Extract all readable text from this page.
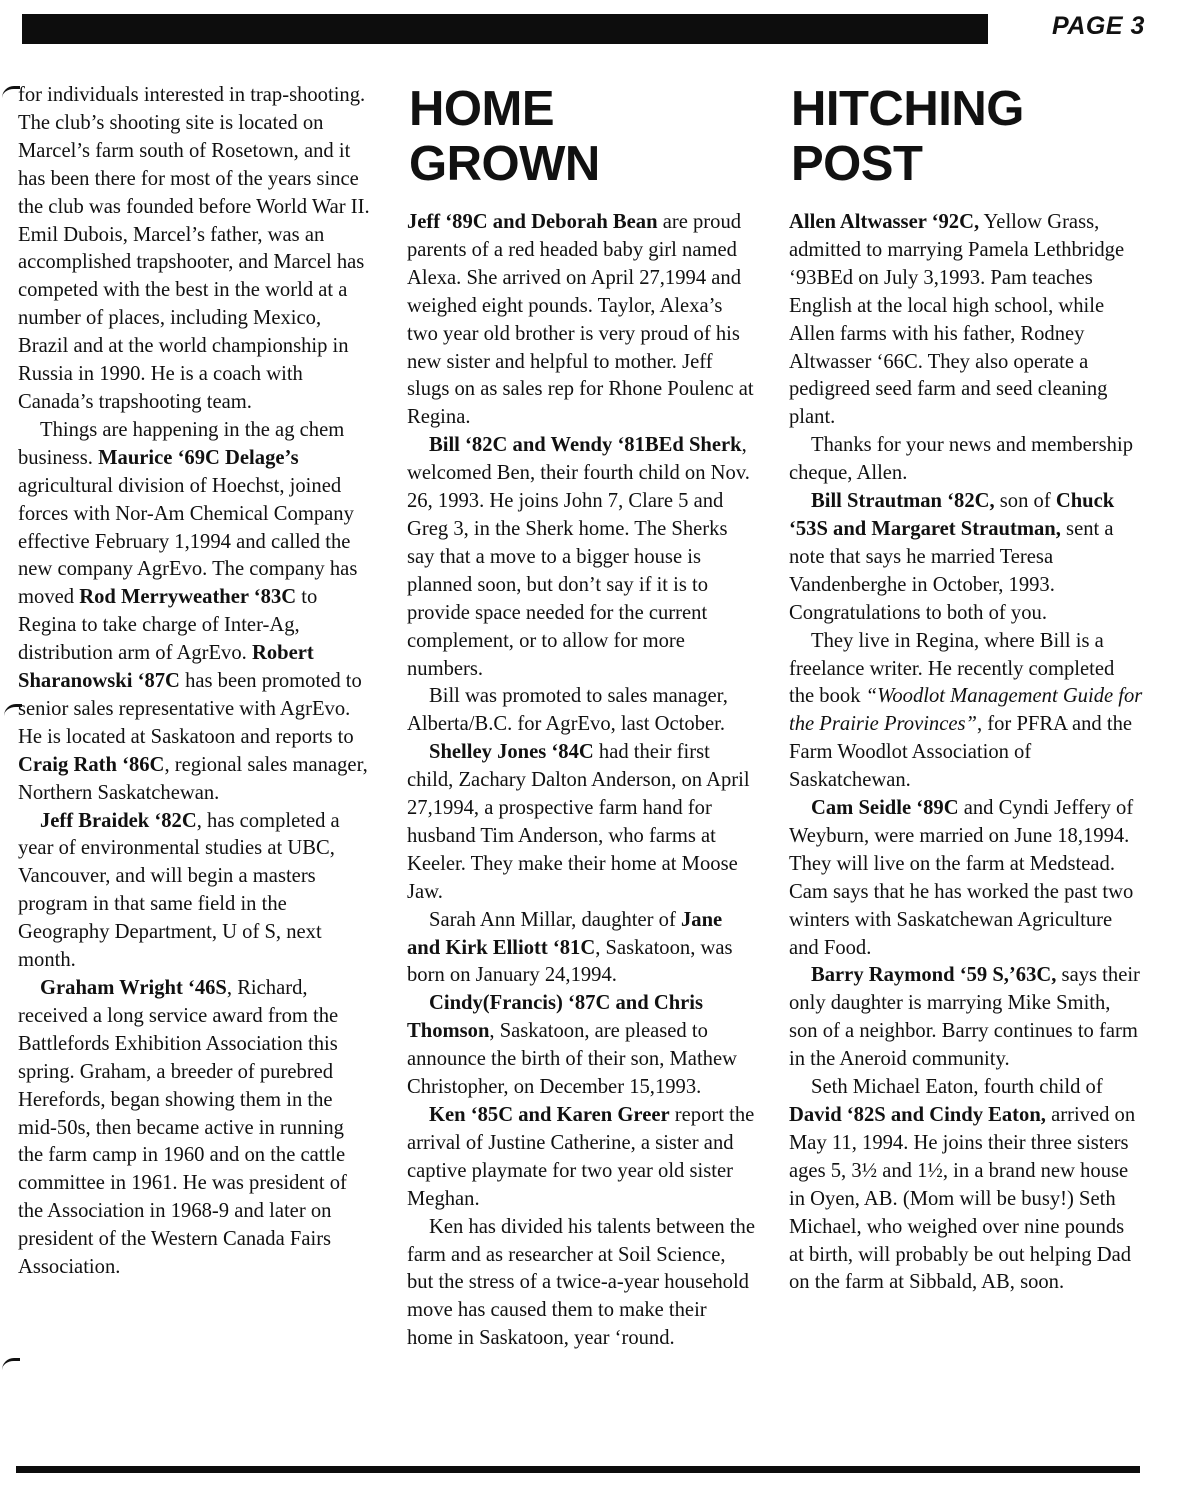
PAGE 3

for individuals interested in trap-shooting. The club’s shooting site is located on Marcel’s farm south of Rosetown, and it has been there for most of the years since the club was founded before World War II. Emil Dubois, Marcel’s father, was an accomplished trapshooter, and Marcel has competed with the best in the world at a number of places, including Mexico, Brazil and at the world championship in Russia in 1990. He is a coach with Canada’s trapshooting team.

Things are happening in the ag chem business. Maurice ‘69C Delage’s agricultural division of Hoechst, joined forces with Nor-Am Chemical Company effective February 1,1994 and called the new company AgrEvo. The company has moved Rod Merryweather ‘83C to Regina to take charge of Inter-Ag, distribution arm of AgrEvo. Robert Sharanowski ‘87C has been promoted to senior sales representative with AgrEvo. He is located at Saskatoon and reports to Craig Rath ‘86C, regional sales manager, Northern Saskatchewan.

Jeff Braidek ‘82C, has completed a year of environmental studies at UBC, Vancouver, and will begin a masters program in that same field in the Geography Department, U of S, next month.

Graham Wright ‘46S, Richard, received a long service award from the Battlefords Exhibition Association this spring. Graham, a breeder of purebred Herefords, began showing them in the mid-50s, then became active in running the farm camp in 1960 and on the cattle committee in 1961. He was president of the Association in 1968-9 and later on president of the Western Canada Fairs Association.

HOME
GROWN

Jeff ‘89C and Deborah Bean are proud parents of a red headed baby girl named Alexa. She arrived on April 27,1994 and weighed eight pounds. Taylor, Alexa’s two year old brother is very proud of his new sister and helpful to mother. Jeff slugs on as sales rep for Rhone Poulenc at Regina.

Bill ‘82C and Wendy ‘81BEd Sherk, welcomed Ben, their fourth child on Nov. 26, 1993. He joins John 7, Clare 5 and Greg 3, in the Sherk home. The Sherks say that a move to a bigger house is planned soon, but don’t say if it is to provide space needed for the current complement, or to allow for more numbers.

Bill was promoted to sales manager, Alberta/B.C. for AgrEvo, last October.

Shelley Jones ‘84C had their first child, Zachary Dalton Anderson, on April 27,1994, a prospective farm hand for husband Tim Anderson, who farms at Keeler. They make their home at Moose Jaw.

Sarah Ann Millar, daughter of Jane and Kirk Elliott ‘81C, Saskatoon, was born on January 24,1994.

Cindy(Francis) ‘87C and Chris Thomson, Saskatoon, are pleased to announce the birth of their son, Mathew Christopher, on December 15,1993.

Ken ‘85C and Karen Greer report the arrival of Justine Catherine, a sister and captive playmate for two year old sister Meghan.

Ken has divided his talents between the farm and as researcher at Soil Science, but the stress of a twice-a-year household move has caused them to make their home in Saskatoon, year ‘round.

HITCHING
POST

Allen Altwasser ‘92C, Yellow Grass, admitted to marrying Pamela Lethbridge ‘93BEd on July 3,1993. Pam teaches English at the local high school, while Allen farms with his father, Rodney Altwasser ‘66C. They also operate a pedigreed seed farm and seed cleaning plant.

Thanks for your news and membership cheque, Allen.

Bill Strautman ‘82C, son of Chuck ‘53S and Margaret Strautman, sent a note that says he married Teresa Vandenberghe in October, 1993. Congratulations to both of you.

They live in Regina, where Bill is a freelance writer. He recently completed the book “Woodlot Management Guide for the Prairie Provinces”, for PFRA and the Farm Woodlot Association of Saskatchewan.

Cam Seidle ‘89C and Cyndi Jeffery of Weyburn, were married on June 18,1994. They will live on the farm at Medstead. Cam says that he has worked the past two winters with Saskatchewan Agriculture and Food.

Barry Raymond ‘59 S,’63C, says their only daughter is marrying Mike Smith, son of a neighbor. Barry continues to farm in the Aneroid community.

Seth Michael Eaton, fourth child of David ‘82S and Cindy Eaton, arrived on May 11, 1994. He joins their three sisters ages 5, 3½ and 1½, in a brand new house in Oyen, AB. (Mom will be busy!) Seth Michael, who weighed over nine pounds at birth, will probably be out helping Dad on the farm at Sibbald, AB, soon.
